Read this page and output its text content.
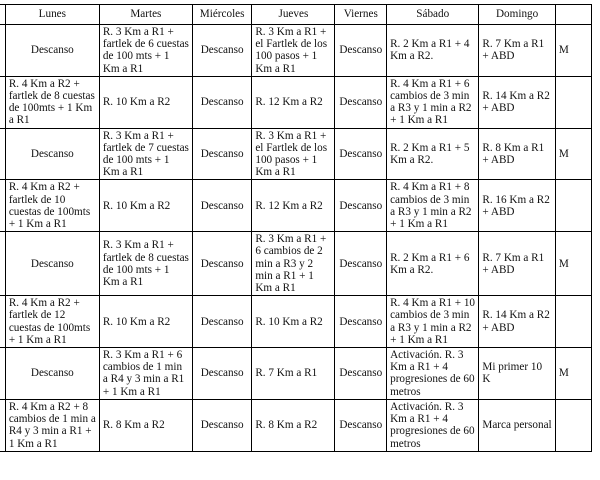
	Lunes	Martes	Miércoles	Jueves	Viernes	Sábado	Domingo	
	Descanso	R. 3 Km a R1 + fartlek de 6 cuestas de 100 mts + 1 Km a R1	Descanso	R. 3 Km a R1 + el Fartlek de los 100 pasos + 1 Km a R1	Descanso	R. 2 Km a R1 + 4 Km a R2.	R. 7 Km a R1 + ABD	M
	R. 4 Km a R2 + fartlek de 8 cuestas de 100mts + 1 Km a R1	R. 10 Km a R2	Descanso	R. 12 Km a R2	Descanso	R. 4 Km a R1 + 6 cambios de 3 min a R3 y 1 min a R2 + 1 Km a R1	R. 14 Km a R2 + ABD	
	Descanso	R. 3 Km a R1 + fartlek de 7 cuestas de 100 mts + 1 Km a R1	Descanso	R. 3 Km a R1 + el Fartlek de los 100 pasos + 1 Km a R1	Descanso	R. 2 Km a R1 + 5 Km a R2.	R. 8 Km a R1 + ABD	M
	R. 4 Km a R2 + fartlek de 10 cuestas de 100mts + 1 Km a R1	R. 10 Km a R2	Descanso	R. 12 Km a R2	Descanso	R. 4 Km a R1 + 8 cambios de 3 min a R3 y 1 min a R2 + 1 Km a R1	R. 16 Km a R2 + ABD	
	Descanso	R. 3 Km a R1 + fartlek de 8 cuestas de 100 mts + 1 Km a R1	Descanso	R. 3 Km a R1 + 6 cambios de 2 min a R3 y 2 min a R1 + 1 Km a R1	Descanso	R. 2 Km a R1 + 6 Km a R2.	R. 7 Km a R1 + ABD	M
	R. 4 Km a R2 + fartlek de 12 cuestas de 100mts + 1 Km a R1	R. 10 Km a R2	Descanso	R. 10 Km a R2	Descanso	R. 4 Km a R1 + 10 cambios de 3 min a R3 y 1 min a R2 + 1 Km a R1	R. 14 Km a R2 + ABD	
	Descanso	R. 3 Km a R1 + 6 cambios de 1 min a R4 y 3 min a R1 + 1 Km a R1	Descanso	R. 7 Km a R1	Descanso	Activación. R. 3 Km a R1 + 4 progresiones de 60 metros	Mi primer 10 K	M
	R. 4 Km a R2 + 8 cambios de 1 min a R4 y 3 min a R1 + 1 Km a R1	R. 8 Km a R2	Descanso	R. 8 Km a R2	Descanso	Activación. R. 3 Km a R1 + 4 progresiones de 60 metros	Marca personal	
